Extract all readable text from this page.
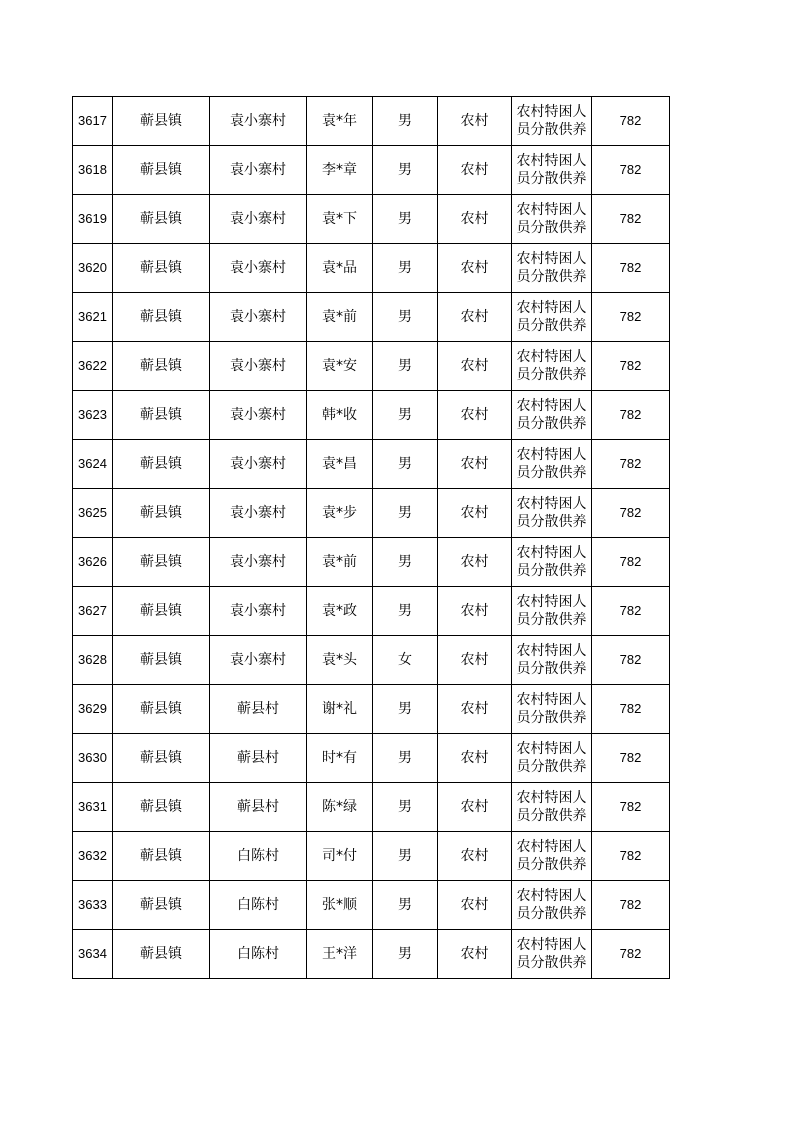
3617	蕲县镇	袁小寨村	袁*年	男	农村	农村特困人员分散供养	782
3618	蕲县镇	袁小寨村	李*章	男	农村	农村特困人员分散供养	782
3619	蕲县镇	袁小寨村	袁*下	男	农村	农村特困人员分散供养	782
3620	蕲县镇	袁小寨村	袁*品	男	农村	农村特困人员分散供养	782
3621	蕲县镇	袁小寨村	袁*前	男	农村	农村特困人员分散供养	782
3622	蕲县镇	袁小寨村	袁*安	男	农村	农村特困人员分散供养	782
3623	蕲县镇	袁小寨村	韩*收	男	农村	农村特困人员分散供养	782
3624	蕲县镇	袁小寨村	袁*昌	男	农村	农村特困人员分散供养	782
3625	蕲县镇	袁小寨村	袁*步	男	农村	农村特困人员分散供养	782
3626	蕲县镇	袁小寨村	袁*前	男	农村	农村特困人员分散供养	782
3627	蕲县镇	袁小寨村	袁*政	男	农村	农村特困人员分散供养	782
3628	蕲县镇	袁小寨村	袁*头	女	农村	农村特困人员分散供养	782
3629	蕲县镇	蕲县村	谢*礼	男	农村	农村特困人员分散供养	782
3630	蕲县镇	蕲县村	时*有	男	农村	农村特困人员分散供养	782
3631	蕲县镇	蕲县村	陈*绿	男	农村	农村特困人员分散供养	782
3632	蕲县镇	白陈村	司*付	男	农村	农村特困人员分散供养	782
3633	蕲县镇	白陈村	张*顺	男	农村	农村特困人员分散供养	782
3634	蕲县镇	白陈村	王*洋	男	农村	农村特困人员分散供养	782
